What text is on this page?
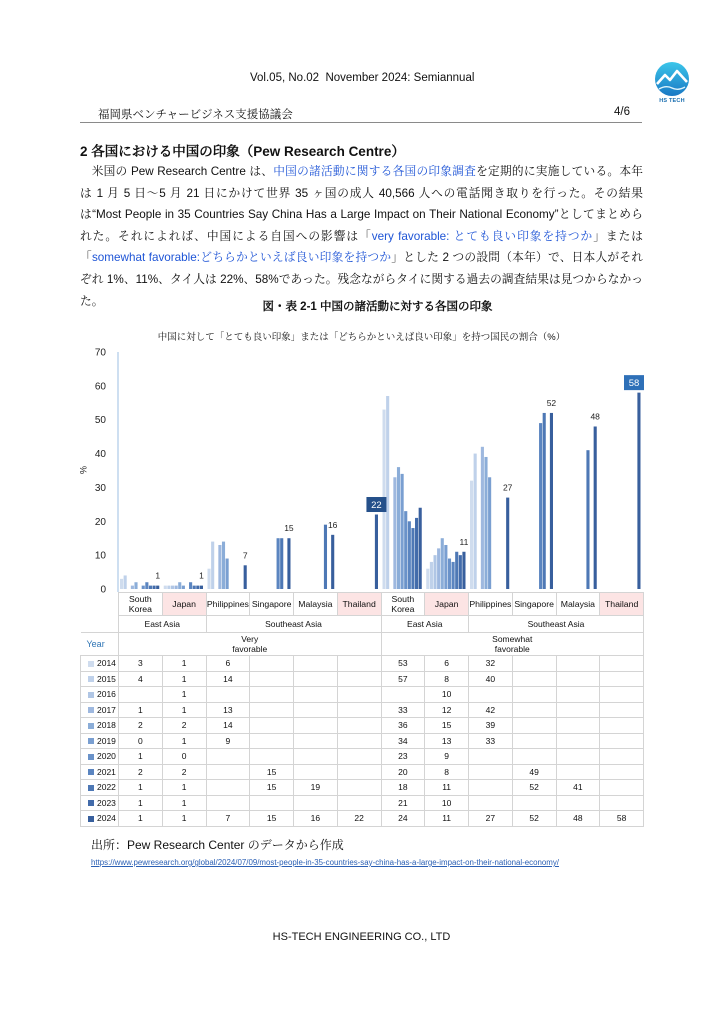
Vol.05, No.02  November 2024: Semiannual
HS TECH
福岡県ベンチャービジネス支援協議会	4/6
2 各国における中国の印象（Pew Research Centre）

米国の Pew Research Centre は、中国の諸活動に関する各国の印象調査を定期的に実施している。本年は 1 月 5 日～5 月 21 日にかけて世界 35 ヶ国の成人 40,566 人への電話聞き取りを行った。その結果は“Most People in 35 Countries Say China Has a Large Impact on Their National Economy”としてまとめられた。それによれば、中国による自国への影響は「very favorable: とても良い印象を持つか」または「somewhat favorable:どちらかといえば良い印象を持つか」とした 2 つの設問（本年）で、日本人がそれぞれ 1%、11%、タイ人は 22%、58%であった。残念ながらタイに関する過去の調査結果は見つからなかった。	図・表 2-1 中国の諸活動に対する各国の印象
中国に対して「とても良い印象」または「どちらかといえば良い印象」を持つ国民の割合（%）
0
10
20
30
40
50
60
70
%
1	1
7
15	16
22
11
27
52
48
58
	South Korea	Japan	Philippines	Singapore	Malaysia	Thailand	South Korea	Japan	Philippines	Singapore	Malaysia	Thailand
	East Asia		Southeast Asia				East Asia		Southeast Asia			
Year	Very favorable						Somewhat favorable					
2014	3	1	6				53	6	32			
2015	4	1	14				57	8	40			
2016		1						10				
2017	1	1	13				33	12	42			
2018	2	2	14				36	15	39			
2019	0	1	9				34	13	33			
2020	1	0					23	9				
2021	2	2		15			20	8		49		
2022	1	1		15	19		18	11		52	41	
2023	1	1					21	10				
2024	1	1	7	15	16	22	24	11	27	52	48	58
出所：Pew Research Center のデータから作成
https://www.pewresearch.org/global/2024/07/09/most-people-in-35-countries-say-china-has-a-large-impact-on-their-national-economy/
HS-TECH ENGINEERING CO., LTD
